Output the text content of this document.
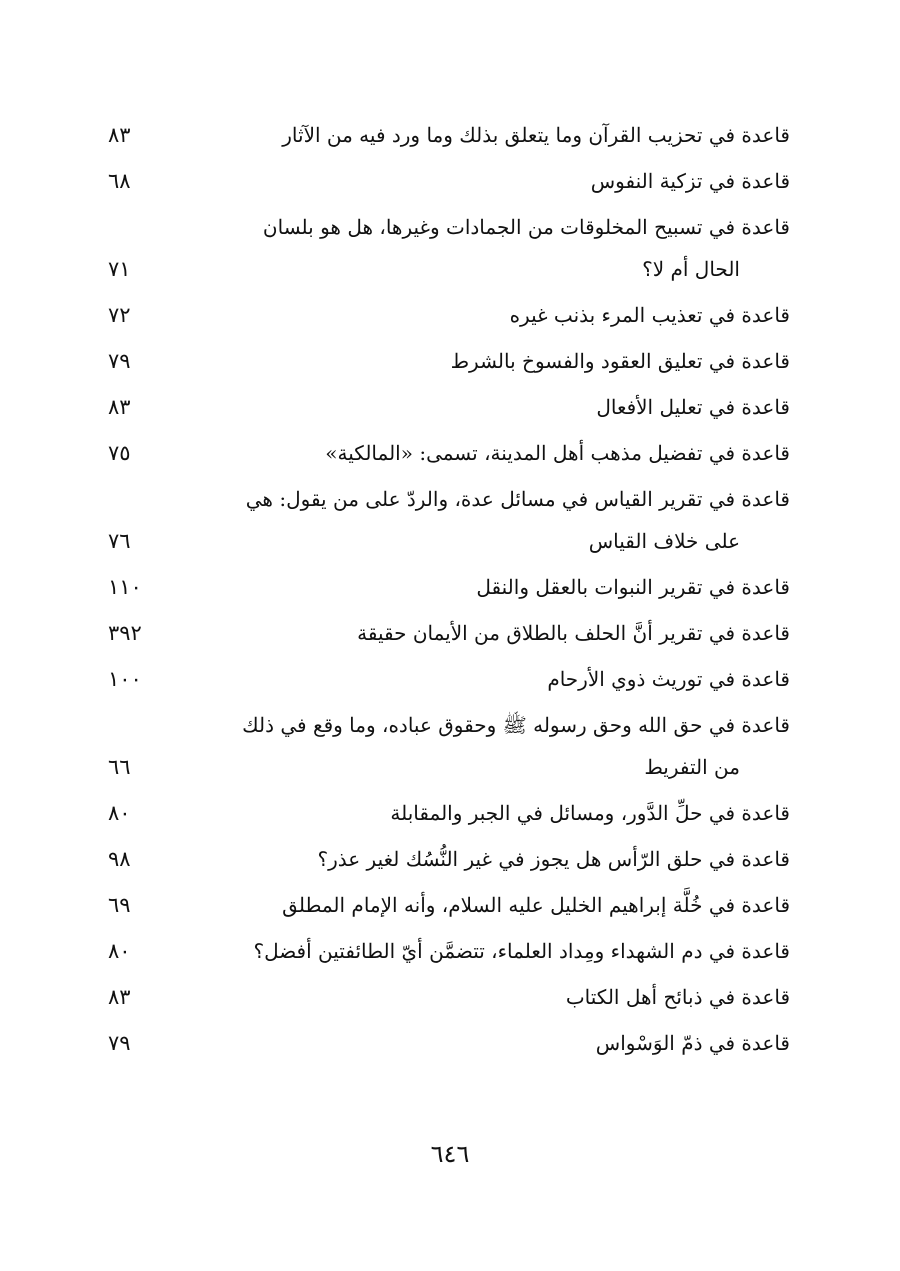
قاعدة في تحزيب القرآن وما يتعلق بذلك وما ورد فيه من الآثار
٨٣
قاعدة في تزكية النفوس
٦٨
قاعدة في تسبيح المخلوقات من الجمادات وغيرها، هل هو بلسان
الحال أم لا؟
٧١
قاعدة في تعذيب المرء بذنب غيره
٧٢
قاعدة في تعليق العقود والفسوخ بالشرط
٧٩
قاعدة في تعليل الأفعال
٨٣
قاعدة في تفضيل مذهب أهل المدينة، تسمى: «المالكية»
٧٥
قاعدة في تقرير القياس في مسائل عدة، والردّ على من يقول: هي
على خلاف القياس
٧٦
قاعدة في تقرير النبوات بالعقل والنقل
١١٠
قاعدة في تقرير أنَّ الحلف بالطلاق من الأيمان حقيقة
٣٩٢
قاعدة في توريث ذوي الأرحام
١٠٠
قاعدة في حق الله وحق رسوله ﷺ وحقوق عباده، وما وقع في ذلك
من التفريط
٦٦
قاعدة في حلِّ الدَّور، ومسائل في الجبر والمقابلة
٨٠
قاعدة في حلق الرّأس هل يجوز في غير النُّسُك لغير عذر؟
٩٨
قاعدة في خُلَّة إبراهيم الخليل عليه السلام، وأنه الإمام المطلق
٦٩
قاعدة في دم الشهداء ومِداد العلماء، تتضمَّن أيّ الطائفتين أفضل؟
٨٠
قاعدة في ذبائح أهل الكتاب
٨٣
قاعدة في ذمّ الوَسْواس
٧٩
٦٤٦
